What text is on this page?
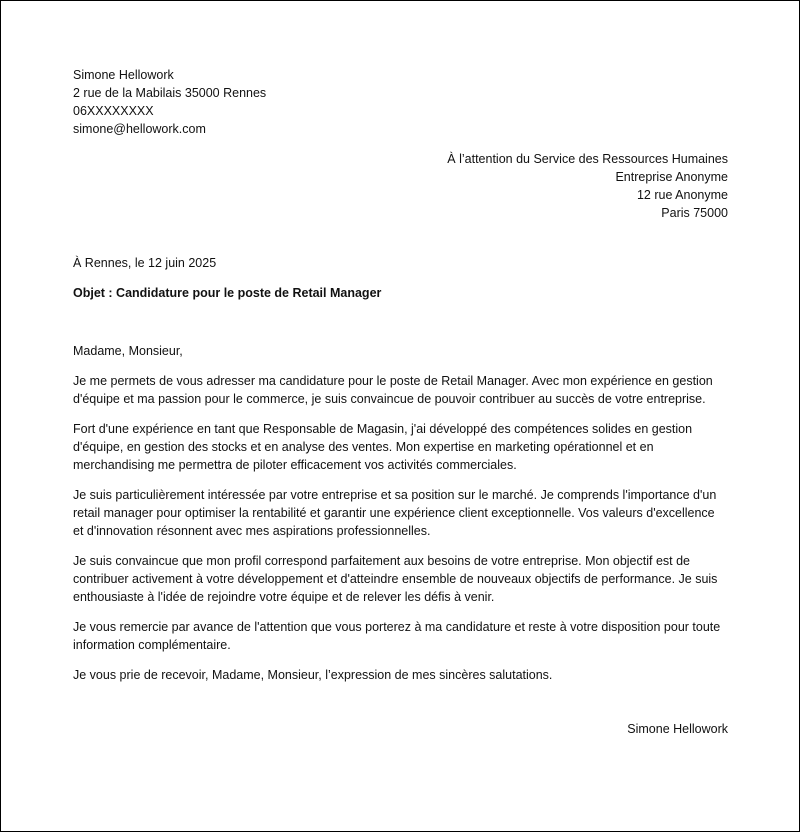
Simone Hellowork
2 rue de la Mabilais 35000 Rennes
06XXXXXXXX
simone@hellowork.com
À l’attention du Service des Ressources Humaines
Entreprise Anonyme
12 rue Anonyme
Paris 75000
À Rennes, le 12 juin 2025
Objet : Candidature pour le poste de Retail Manager
Madame, Monsieur,
Je me permets de vous adresser ma candidature pour le poste de Retail Manager. Avec mon expérience en gestion d'équipe et ma passion pour le commerce, je suis convaincue de pouvoir contribuer au succès de votre entreprise.
Fort d'une expérience en tant que Responsable de Magasin, j'ai développé des compétences solides en gestion d'équipe, en gestion des stocks et en analyse des ventes. Mon expertise en marketing opérationnel et en merchandising me permettra de piloter efficacement vos activités commerciales.
Je suis particulièrement intéressée par votre entreprise et sa position sur le marché. Je comprends l'importance d'un retail manager pour optimiser la rentabilité et garantir une expérience client exceptionnelle. Vos valeurs d'excellence et d'innovation résonnent avec mes aspirations professionnelles.
Je suis convaincue que mon profil correspond parfaitement aux besoins de votre entreprise. Mon objectif est de contribuer activement à votre développement et d'atteindre ensemble de nouveaux objectifs de performance. Je suis enthousiaste à l'idée de rejoindre votre équipe et de relever les défis à venir.
Je vous remercie par avance de l'attention que vous porterez à ma candidature et reste à votre disposition pour toute information complémentaire.
Je vous prie de recevoir, Madame, Monsieur, l’expression de mes sincères salutations.
Simone Hellowork
